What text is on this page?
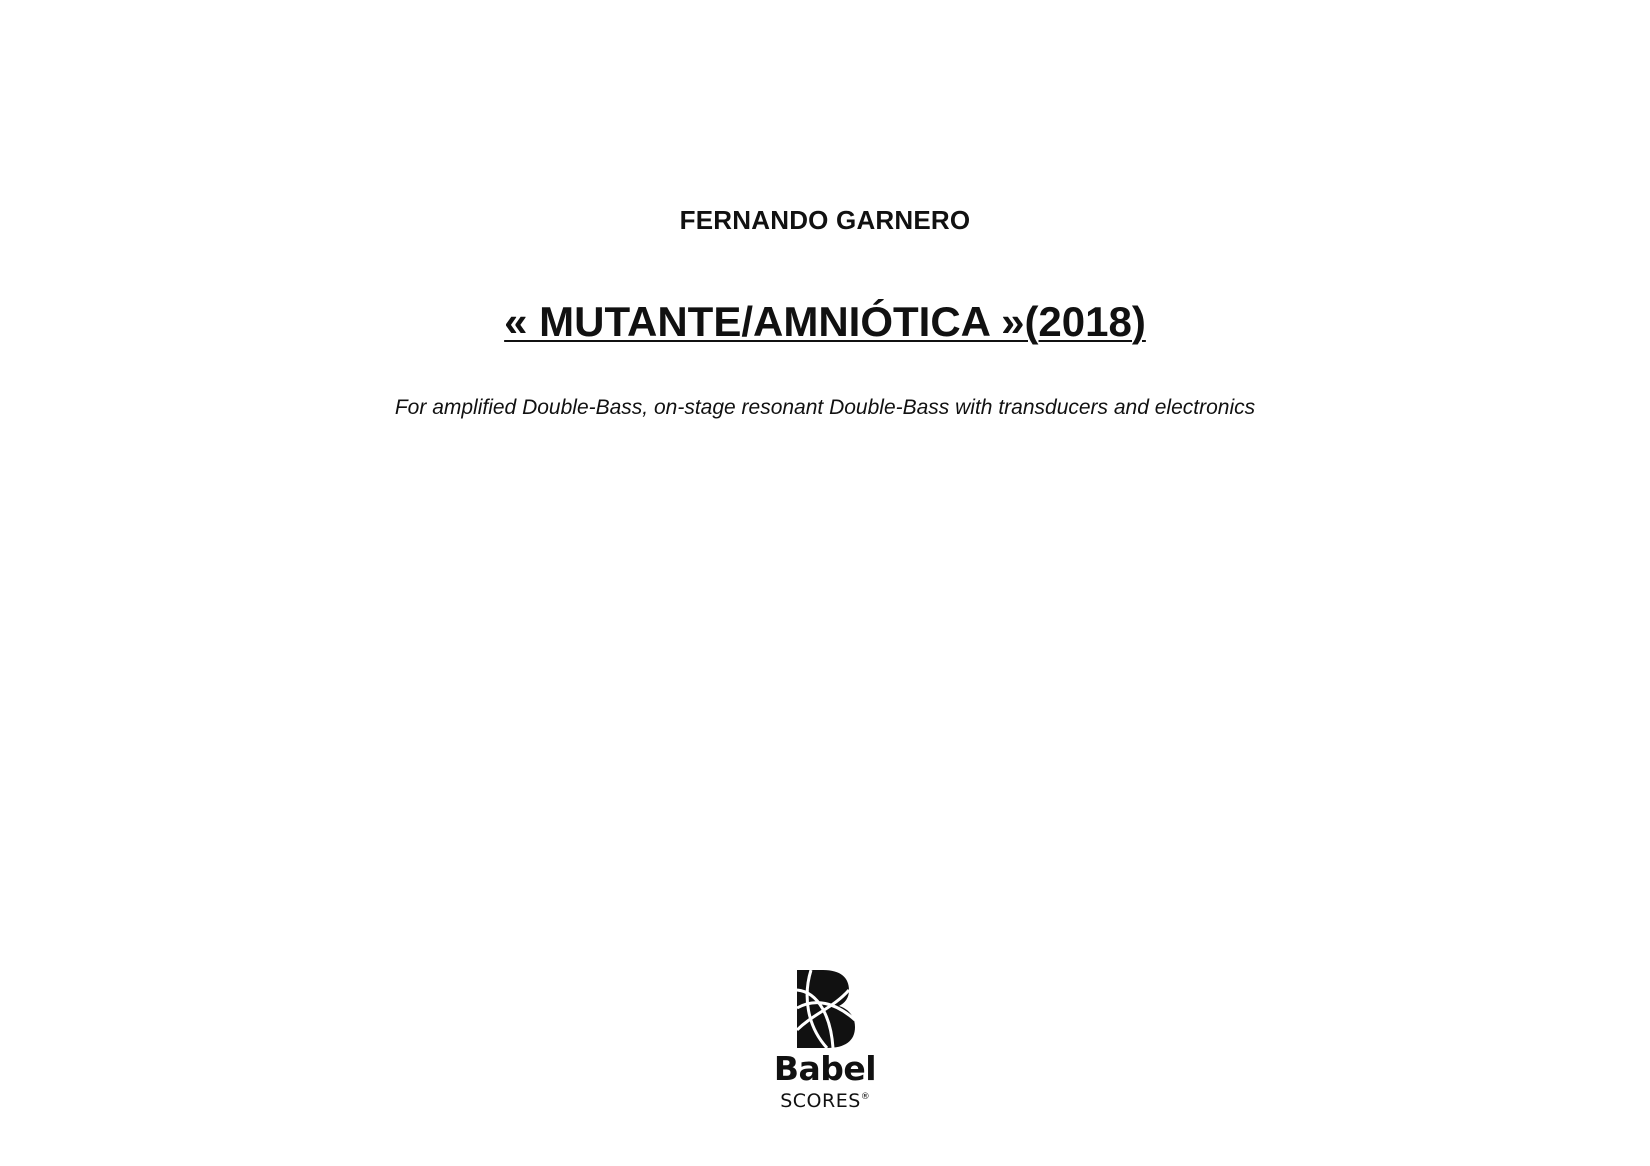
FERNANDO GARNERO
« MUTANTE/AMNIÓTICA »(2018)
For amplified Double-Bass, on-stage resonant Double-Bass with transducers and electronics
Babel
SCORES®
